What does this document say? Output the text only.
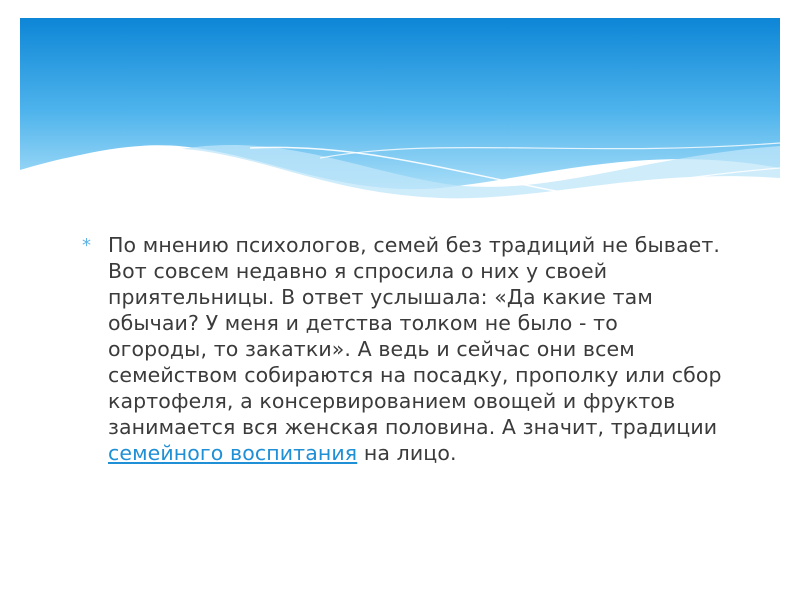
* По мнению психологов, семей без традиций не бывает. Вот совсем недавно я спросила о них у своей приятельницы. В ответ услышала: «Да какие там обычаи? У меня и детства толком не было - то огороды, то закатки». А ведь и сейчас они всем семейством собираются на посадку, прополку или сбор картофеля, а консервированием овощей и фруктов занимается вся женская половина. А значит, традиции семейного воспитания на лицо.
